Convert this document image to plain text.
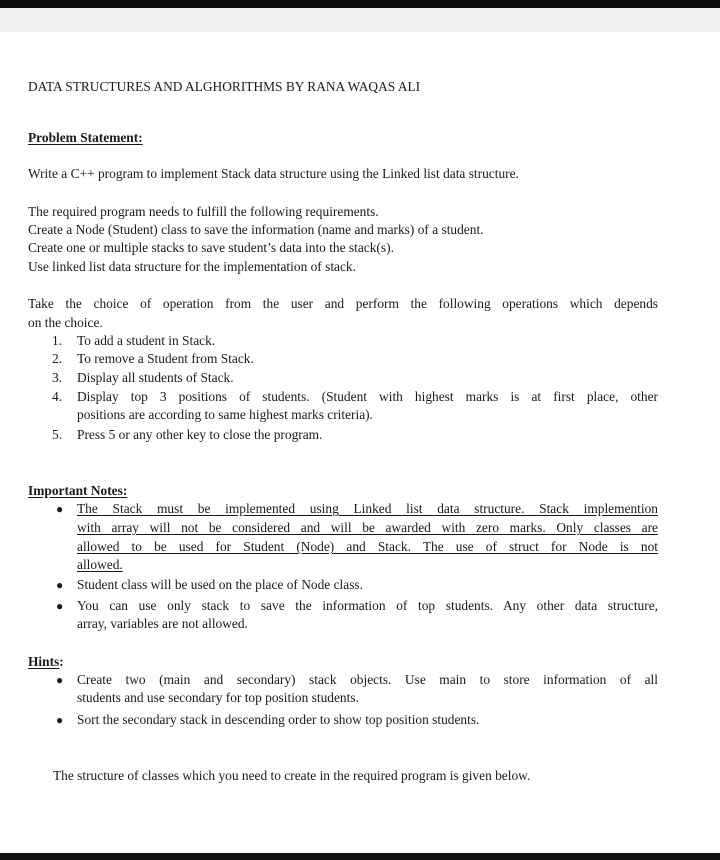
DATA STRUCTURES AND ALGHORITHMS BY RANA WAQAS ALI
Problem Statement:
Write a C++ program to implement Stack data structure using the Linked list data structure.
The required program needs to fulfill the following requirements.
Create a Node (Student) class to save the information (name and marks) of a student.
Create one or multiple stacks to save student’s data into the stack(s).
Use linked list data structure for the implementation of stack.
Take the choice of operation from the user and perform the following operations which depends
on the choice.
1. To add a student in Stack.
2. To remove a Student from Stack.
3. Display all students of Stack.
4. Display top 3 positions of students. (Student with highest marks is at first place, other
positions are according to same highest marks criteria).
5. Press 5 or any other key to close the program.
Important Notes:
● The Stack must be implemented using Linked list data structure. Stack implemention
with array will not be considered and will be awarded with zero marks. Only classes are
allowed to be used for Student (Node) and Stack. The use of struct for Node is not
allowed.
● Student class will be used on the place of Node class.
● You can use only stack to save the information of top students. Any other data structure,
array, variables are not allowed.
Hints:
● Create two (main and secondary) stack objects. Use main to store information of all
students and use secondary for top position students.
● Sort the secondary stack in descending order to show top position students.
The structure of classes which you need to create in the required program is given below.
